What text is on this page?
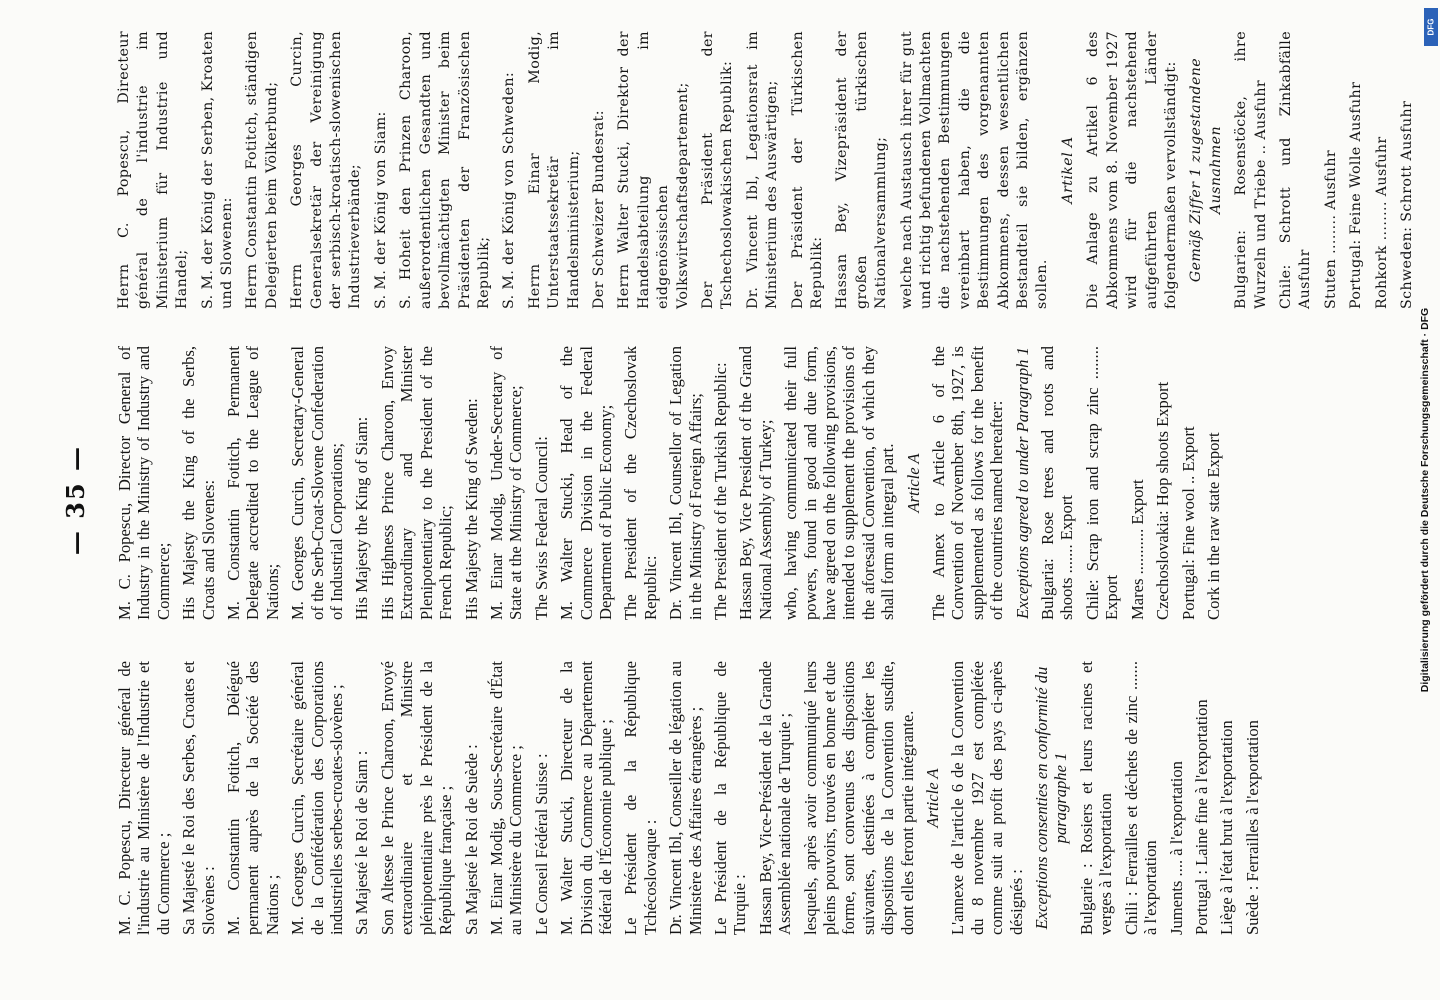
— 35 —
M. C. Popescu, Directeur général de l'industrie au Ministère de l'Industrie et du Commerce ; Sa Majesté le Roi des Serbes, Croates et Slovènes : M. Constantin Fotitch, Délégué permanent auprès de la Société des Nations ; M. Georges Curcin, Secrétaire général de la Confédération des Corporations industrielles serbes-croates-slovènes ; Sa Majesté le Roi de Siam : Son Altesse le Prince Charoon, Envoyé extraordinaire et Ministre plénipotentiaire près le Président de la République française ; Sa Majesté le Roi de Suède : M. Einar Modig, Sous-Secrétaire d'État au Ministère du Commerce ; Le Conseil Fédéral Suisse : M. Walter Stucki, Directeur de la Division du Commerce au Département fédéral de l'Économie publique ; Le Président de la République Tchécoslovaque : Dr. Vincent Ibl, Conseiller de légation au Ministère des Affaires étrangères ; Le Président de la République de Turquie : Hassan Bey, Vice-Président de la Grande Assemblée nationale de Turquie ; lesquels, après avoir communiqué leurs pleins pouvoirs, trouvés en bonne et due forme, sont convenus des dispositions suivantes, destinées à compléter les dispositions de la Convention susdite, dont elles feront partie intégrante. Article A L'annexe de l'article 6 de la Convention du 8 novembre 1927 est complétée comme suit au profit des pays ci-après désignés : Exceptions consenties en conformité du paragraphe 1 Bulgarie : Rosiers et leurs racines et verges à l'exportation Chili : Ferrailles et déchets de zinc ....... à l'exportation Juments .... à l'exportation Portugal : Laine fine à l'exportation Liège à l'état brut à l'exportation Suède : Ferrailles à l'exportation
M. C. Popescu, Director General of Industry in the Ministry of Industry and Commerce; His Majesty the King of the Serbs, Croats and Slovenes: M. Constantin Fotitch, Permanent Delegate accredited to the League of Nations; M. Georges Curcin, Secretary-General of the Serb-Croat-Slovene Confederation of Industrial Corporations; His Majesty the King of Siam: His Highness Prince Charoon, Envoy Extraordinary and Minister Plenipotentiary to the President of the French Republic; His Majesty the King of Sweden: M. Einar Modig, Under-Secretary of State at the Ministry of Commerce; The Swiss Federal Council: M. Walter Stucki, Head of the Commerce Division in the Federal Department of Public Economy; The President of the Czechoslovak Republic: Dr. Vincent Ibl, Counsellor of Legation in the Ministry of Foreign Affairs; The President of the Turkish Republic: Hassan Bey, Vice President of the Grand National Assembly of Turkey; who, having communicated their full powers, found in good and due form, have agreed on the following provisions, intended to supplement the provisions of the aforesaid Convention, of which they shall form an integral part. Article A The Annex to Article 6 of the Convention of November 8th, 1927, is supplemented as follows for the benefit of the countries named hereafter: Exceptions agreed to under Paragraph 1 Bulgaria: Rose trees and roots and shoots ....... Export Chile: Scrap iron and scrap zinc ........ Export Mares ........... Export Czechoslovakia: Hop shoots Export Portugal: Fine wool .. Export Cork in the raw state Export
Herrn C. Popescu, Directeur général de l'industrie im Ministerium für Industrie und Handel; S. M. der König der Serben, Kroaten und Slowenen: Herrn Constantin Fotitch, ständigen Delegierten beim Völkerbund; Herrn Georges Curcin, Generalsekretär der Vereinigung der serbisch-kroatisch-slowenischen Industrieverbände; S. M. der König von Siam: S. Hoheit den Prinzen Charoon, außerordentlichen Gesandten und bevollmächtigten Minister beim Präsidenten der Französischen Republik; S. M. der König von Schweden: Herrn Einar Modig, Unterstaatssekretär im Handelsministerium; Der Schweizer Bundesrat: Herrn Walter Stucki, Direktor der Handelsabteilung im eidgenössischen Volkswirtschaftsdepartement; Der Präsident der Tschechoslowakischen Republik: Dr. Vincent Ibl, Legationsrat im Ministerium des Auswärtigen; Der Präsident der Türkischen Republik: Hassan Bey, Vizepräsident der großen türkischen Nationalversammlung; welche nach Austausch ihrer für gut und richtig befundenen Vollmachten die nachstehenden Bestimmungen vereinbart haben, die die Bestimmungen des vorgenannten Abkommens, dessen wesentlichen Bestandteil sie bilden, ergänzen sollen.
Artikel A Die Anlage zu Artikel 6 des Abkommens vom 8. November 1927 wird für die nachstehend aufgeführten Länder folgendermaßen vervollständigt: Gemäß Ziffer 1 zugestandene Ausnahmen Bulgarien: Rosenstöcke, ihre Wurzeln und Triebe .. Ausfuhr Chile: Schrott und Zinkabfälle Ausfuhr Stuten ........ Ausfuhr Portugal: Feine Wolle Ausfuhr Rohkork ........ Ausfuhr Schweden: Schrott Ausfuhr
Digitalisierung gefördert durch die Deutsche Forschungsgemeinschaft · DFG
DFG
